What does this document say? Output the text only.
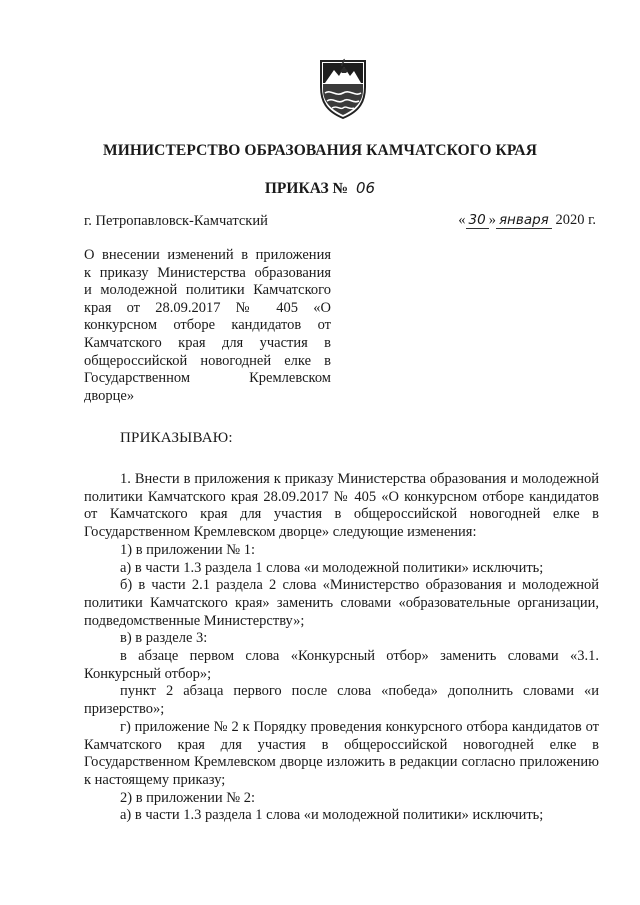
МИНИСТЕРСТВО ОБРАЗОВАНИЯ КАМЧАТСКОГО КРАЯ
ПРИКАЗ № 06
г. Петропавловск-Камчатский	« 30 » января 2020 г.
О внесении изменений в приложения
к приказу Министерства образования
и молодежной политики Камчатского
края от 28.09.2017 № 405 «О
конкурсном отборе кандидатов от
Камчатского края для участия в
общероссийской новогодней елке в
Государственном Кремлевском
дворце»
ПРИКАЗЫВАЮ:

1. Внести в приложения к приказу Министерства образования и молодежной политики Камчатского края 28.09.2017 № 405 «О конкурсном отборе кандидатов от Камчатского края для участия в общероссийской новогодней елке в Государственном Кремлевском дворце» следующие изменения:

1) в приложении № 1:

а) в части 1.3 раздела 1 слова «и молодежной политики» исключить;

б) в части 2.1 раздела 2 слова «Министерство образования и молодежной политики Камчатского края» заменить словами «образовательные организации, подведомственные Министерству»;

в) в разделе 3:

в абзаце первом слова «Конкурсный отбор» заменить словами «3.1. Конкурсный отбор»;

пункт 2 абзаца первого после слова «победа» дополнить словами «и призерство»;

г) приложение № 2 к Порядку проведения конкурсного отбора кандидатов от Камчатского края для участия в общероссийской новогодней елке в Государственном Кремлевском дворце изложить в редакции согласно приложению к настоящему приказу;

2) в приложении № 2:

а) в части 1.3 раздела 1 слова «и молодежной политики» исключить;
